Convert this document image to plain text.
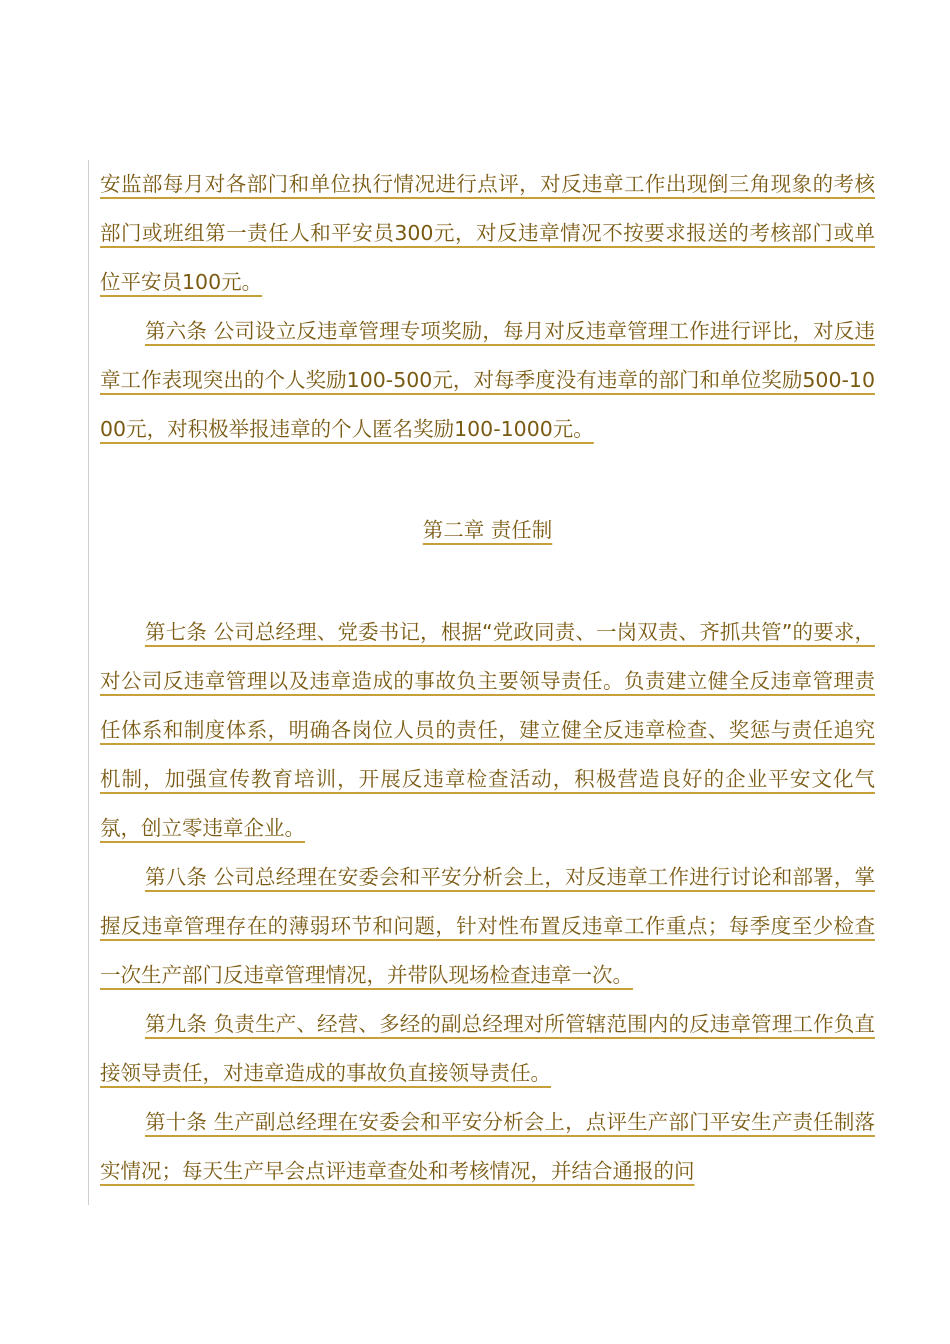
安监部每月对各部门和单位执行情况进行点评，对反违章工作出现倒三角现象的考核部门或班组第一责任人和平安员300元，对反违章情况不按要求报送的考核部门或单位平安员100元。

第六条 公司设立反违章管理专项奖励，每月对反违章管理工作进行评比，对反违章工作表现突出的个人奖励100-500元，对每季度没有违章的部门和单位奖励500-1000元，对积极举报违章的个人匿名奖励100-1000元。

第二章 责任制

第七条 公司总经理、党委书记，根据“党政同责、一岗双责、齐抓共管”的要求，对公司反违章管理以及违章造成的事故负主要领导责任。负责建立健全反违章管理责任体系和制度体系，明确各岗位人员的责任，建立健全反违章检查、奖惩与责任追究机制，加强宣传教育培训，开展反违章检查活动，积极营造良好的企业平安文化气氛，创立零违章企业。

第八条 公司总经理在安委会和平安分析会上，对反违章工作进行讨论和部署，掌握反违章管理存在的薄弱环节和问题，针对性布置反违章工作重点；每季度至少检查一次生产部门反违章管理情况，并带队现场检查违章一次。

第九条 负责生产、经营、多经的副总经理对所管辖范围内的反违章管理工作负直接领导责任，对违章造成的事故负直接领导责任。

第十条 生产副总经理在安委会和平安分析会上，点评生产部门平安生产责任制落实情况；每天生产早会点评违章查处和考核情况，并结合通报的问
